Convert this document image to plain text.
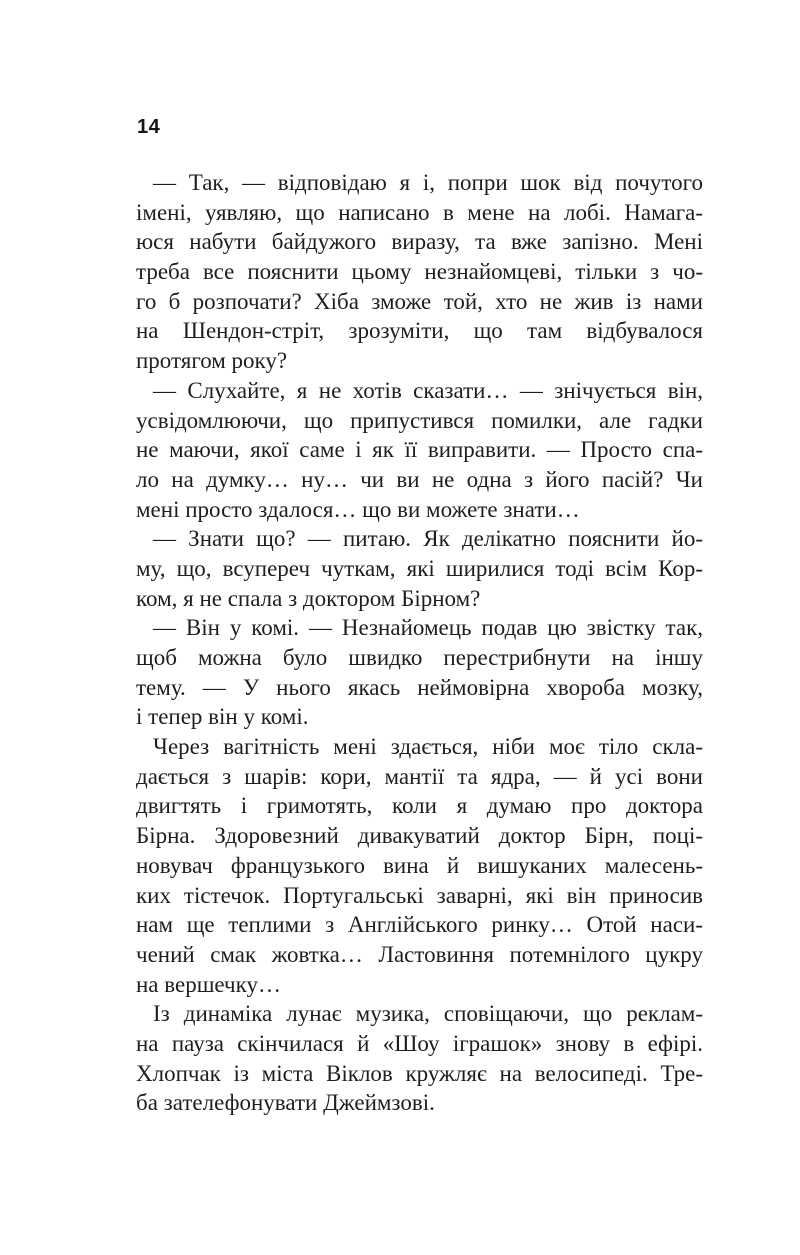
14

— Так, — відповідаю я і, попри шок від почутого
імені, уявляю, що написано в мене на лобі. Намага-
юся набути байдужого виразу, та вже запізно. Мені
треба все пояснити цьому незнайомцеві, тільки з чо-
го б розпочати? Хіба зможе той, хто не жив із нами
на Шендон-стріт, зрозуміти, що там відбувалося
протягом року?

— Слухайте, я не хотів сказати… — знічується він,
усвідомлюючи, що припустився помилки, але гадки
не маючи, якої саме і як її виправити. — Просто спа-
ло на думку… ну… чи ви не одна з його пасій? Чи
мені просто здалося… що ви можете знати…

— Знати що? — питаю. Як делікатно пояснити йо-
му, що, всупереч чуткам, які ширилися тоді всім Кор-
ком, я не спала з доктором Бірном?

— Він у комі. — Незнайомець подав цю звістку так,
щоб можна було швидко перестрибнути на іншу
тему. — У нього якась неймовірна хвороба мозку,
і тепер він у комі.

Через вагітність мені здається, ніби моє тіло скла-
дається з шарів: кори, мантії та ядра, — й усі вони
двигтять і гримотять, коли я думаю про доктора
Бірна. Здоровезний дивакуватий доктор Бірн, поці-
новувач французького вина й вишуканих малесень-
ких тістечок. Португальські заварні, які він приносив
нам ще теплими з Англійського ринку… Отой наси-
чений смак жовтка… Ластовиння потемнілого цукру
на вершечку…

Із динаміка лунає музика, сповіщаючи, що реклам-
на пауза скінчилася й «Шоу іграшок» знову в ефірі.
Хлопчак із міста Віклов кружляє на велосипеді. Тре-
ба зателефонувати Джеймзові.
